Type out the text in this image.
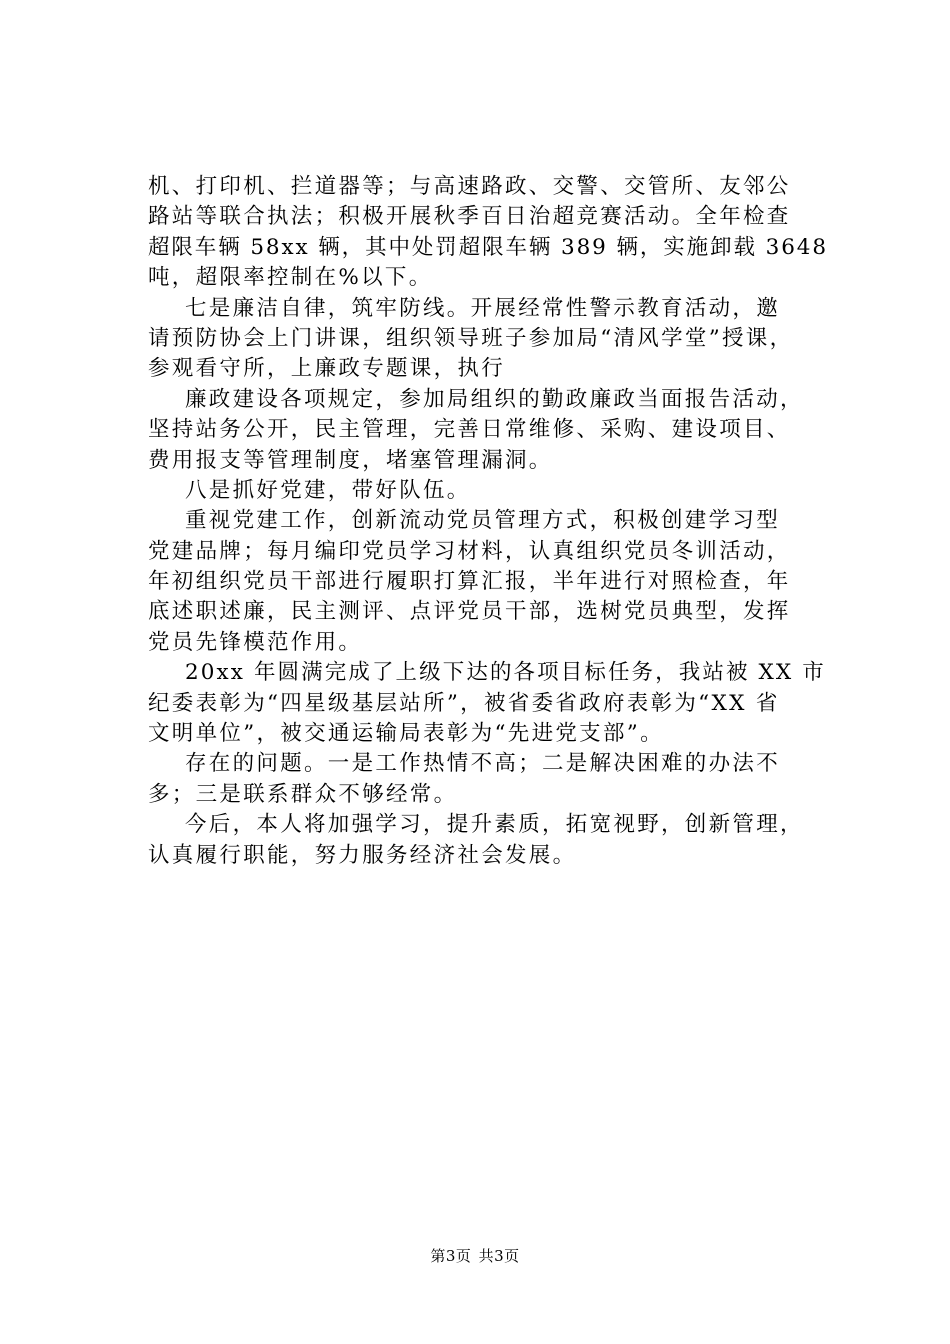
机、打印机、拦道器等；与高速路政、交警、交管所、友邻公
路站等联合执法；积极开展秋季百日治超竞赛活动。全年检查
超限车辆 58xx 辆，其中处罚超限车辆 389 辆，实施卸载 3648
吨，超限率控制在%以下。
七是廉洁自律，筑牢防线。开展经常性警示教育活动，邀
请预防协会上门讲课，组织领导班子参加局“清风学堂”授课，
参观看守所，上廉政专题课，执行
廉政建设各项规定，参加局组织的勤政廉政当面报告活动，
坚持站务公开，民主管理，完善日常维修、采购、建设项目、
费用报支等管理制度，堵塞管理漏洞。
八是抓好党建，带好队伍。
重视党建工作，创新流动党员管理方式，积极创建学习型
党建品牌；每月编印党员学习材料，认真组织党员冬训活动，
年初组织党员干部进行履职打算汇报，半年进行对照检查，年
底述职述廉，民主测评、点评党员干部，选树党员典型，发挥
党员先锋模范作用。
20xx 年圆满完成了上级下达的各项目标任务，我站被 XX 市
纪委表彰为“四星级基层站所”，被省委省政府表彰为“XX 省
文明单位”，被交通运输局表彰为“先进党支部”。
存在的问题。一是工作热情不高；二是解决困难的办法不
多；三是联系群众不够经常。
今后，本人将加强学习，提升素质，拓宽视野，创新管理，
认真履行职能，努力服务经济社会发展。
第3页 共3页
